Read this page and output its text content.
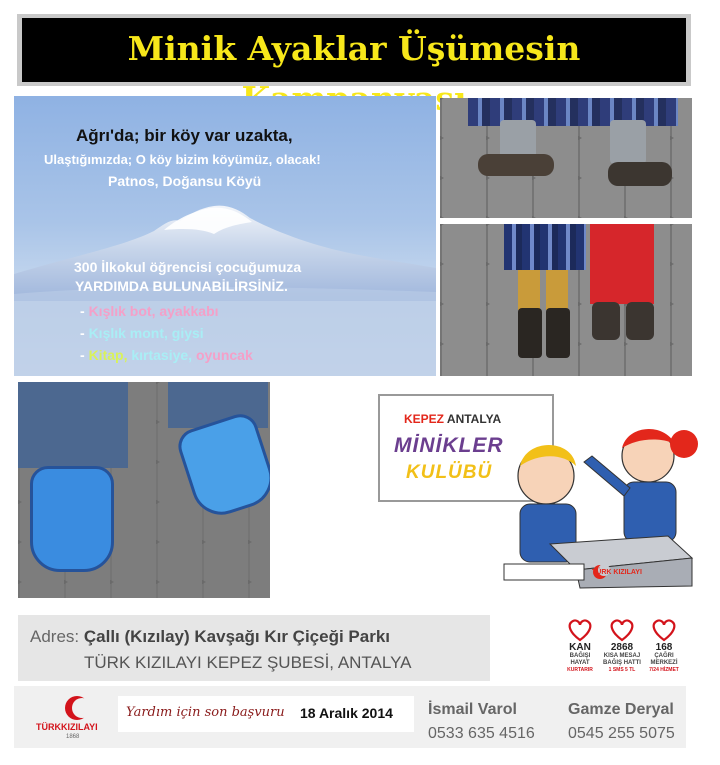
Minik Ayaklar Üşümesin
Ağrı'da; bir köy var uzakta,
Ulaştığımızda; O köy bizim köyümüz, olacak!
Patnos, Doğansu Köyü
300 İlkokul öğrencisi çocuğumuza
YARDIMDA BULUNABİLİRSİNİZ.
- Kışlık bot, ayakkabı
- Kışlık mont, giysi
- Kitap, kırtasiye, oyuncak
KEPEZ ANTALYA
MİNİKLER
KULÜBÜ
TÜRK KIZILAYI
Adres: Çallı (Kızılay) Kavşağı Kır Çiçeği Parkı
TÜRK KIZILAYI KEPEZ ŞUBESİ, ANTALYA
KAN
BAĞIŞI
HAYAT
KURTARIR
2868
KISA MESAJ
BAĞIŞ HATTI
1 SMS 5 TL
168
ÇAĞRI
MERKEZİ
7/24 HİZMET
TÜRKKIZILAYI
1868
Yardım için son başvuru 18 Aralık 2014 İsmail Varol
0533 635 4516
Gamze Deryal
0545 255 5075
